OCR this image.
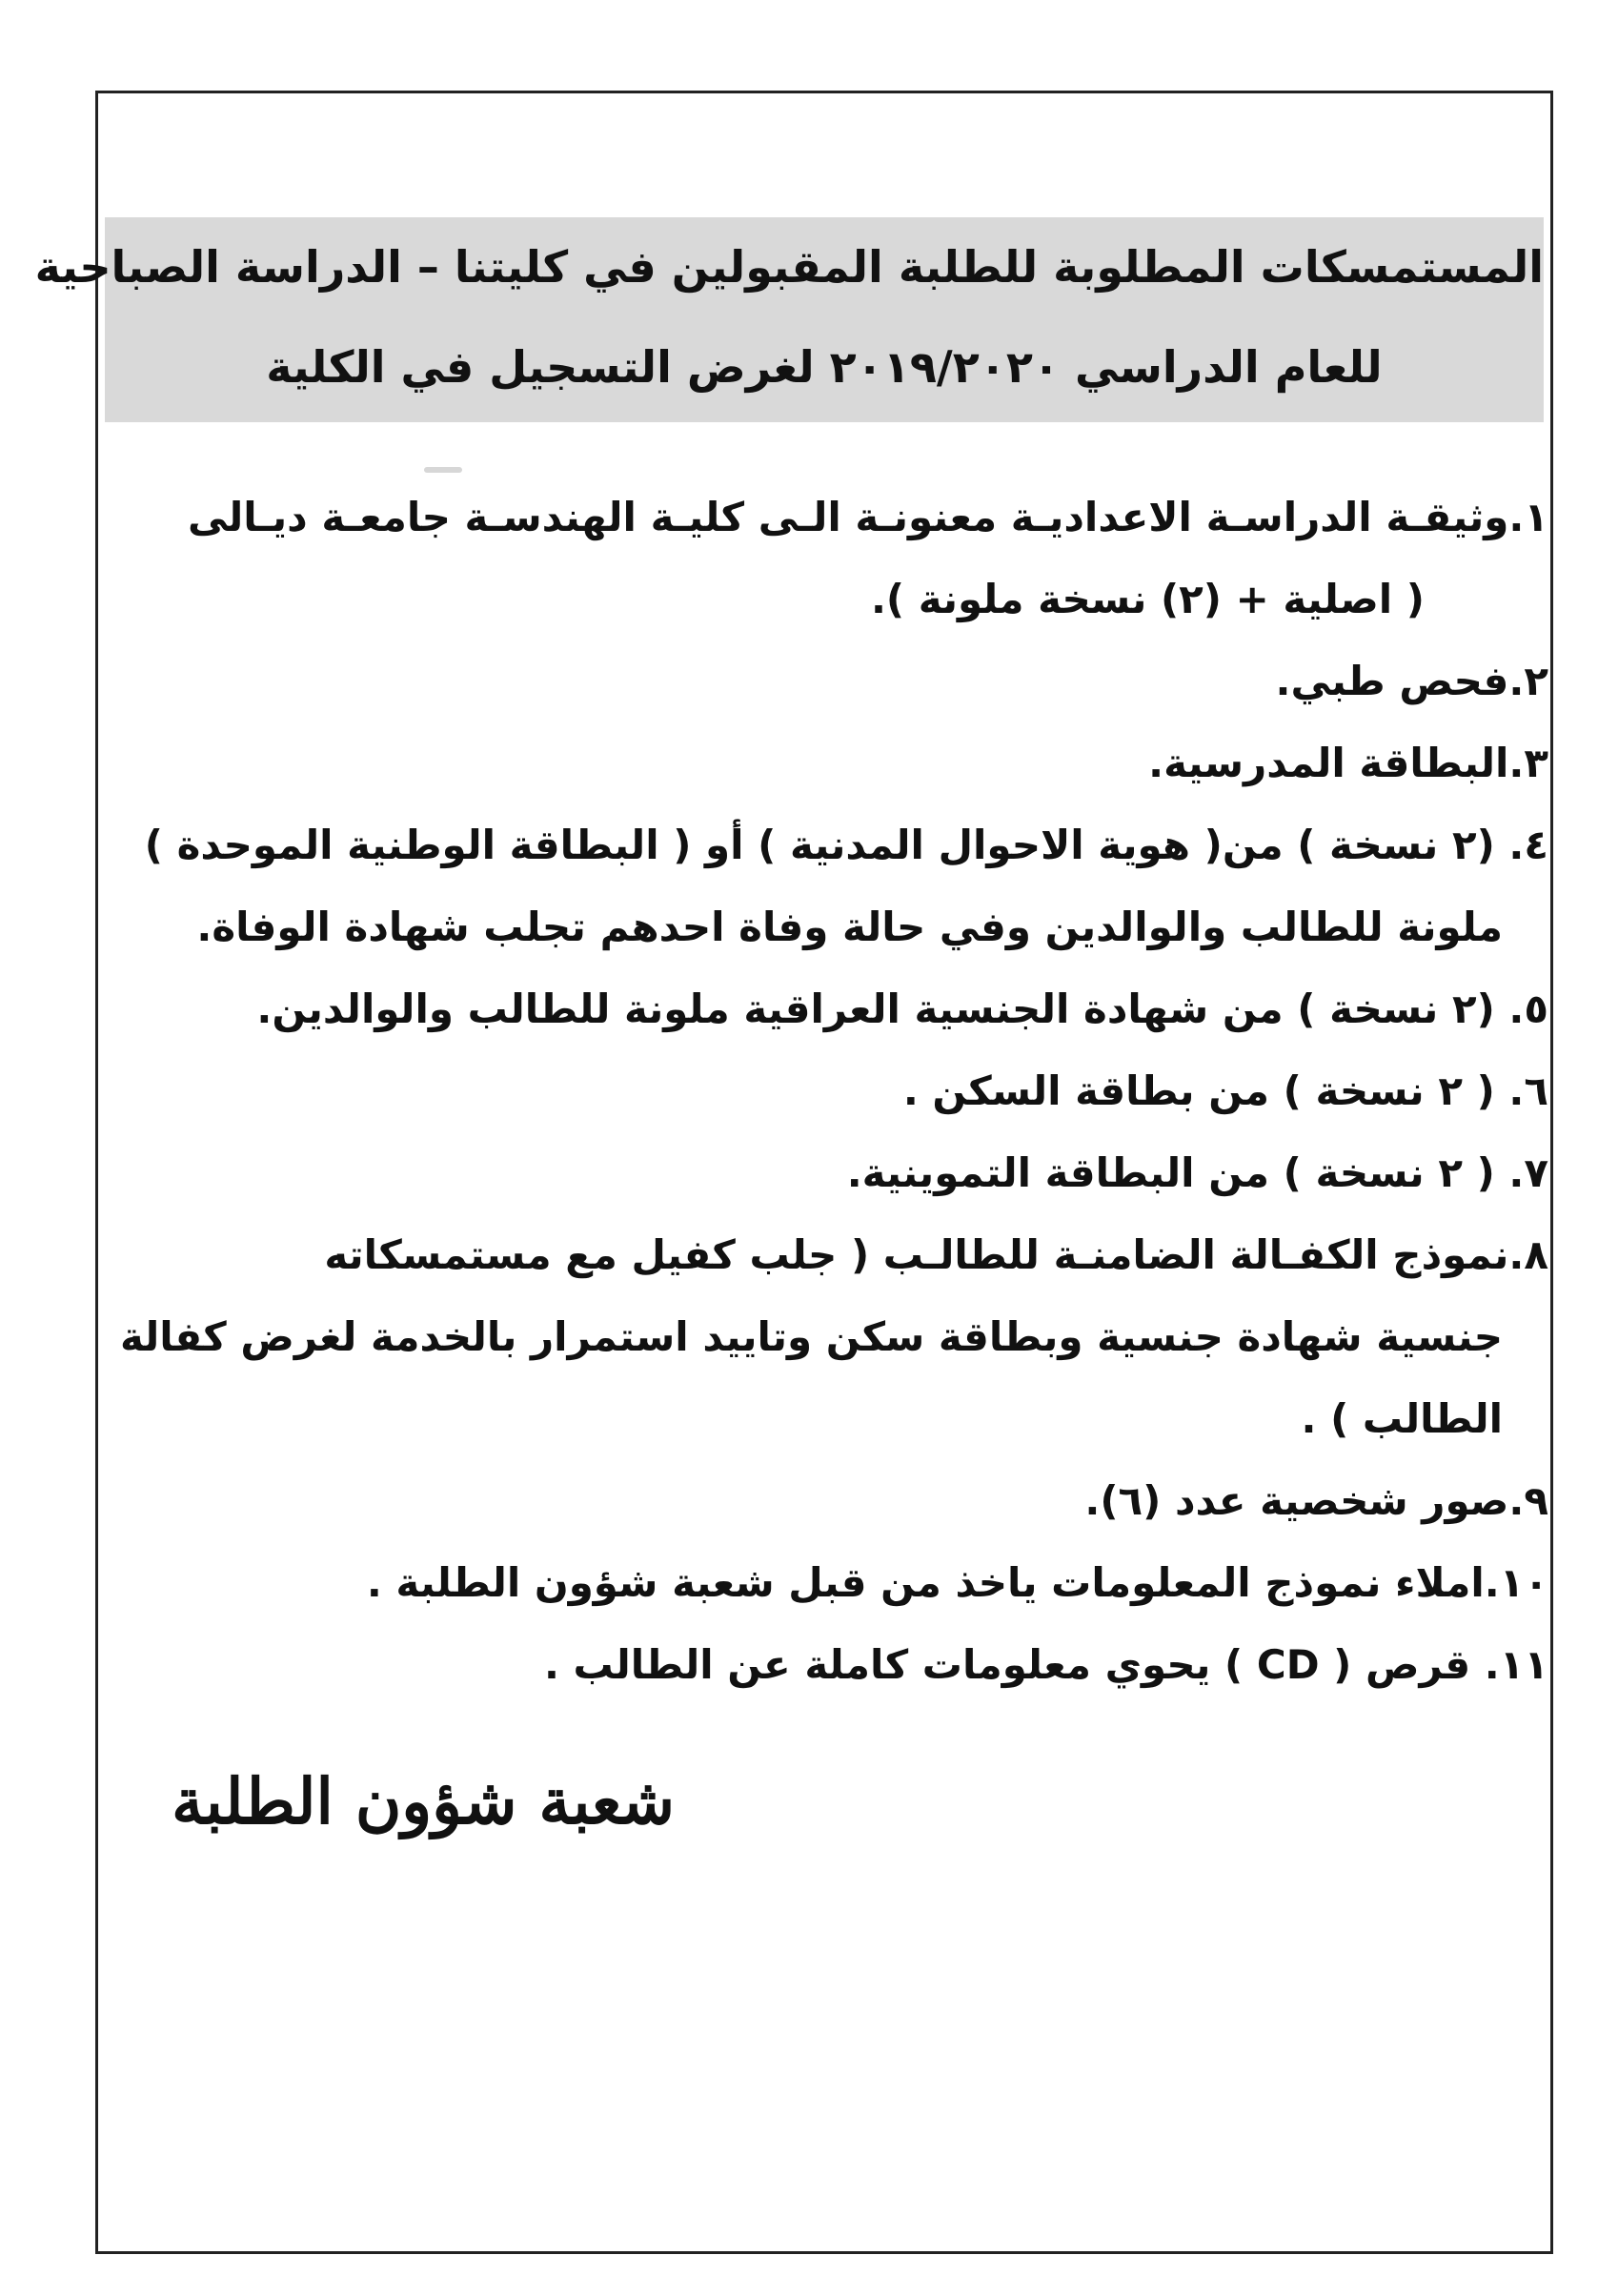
المستمسكات المطلوبة للطلبة المقبولين في كليتنا – الدراسة الصباحية
للعام الدراسي ٢٠١٩/٢٠٢٠ لغرض التسجيل في الكلية
١.وثيقـة الدراسـة الاعداديـة معنونـة الـى كليـة الهندسـة جامعـة ديـالى
( اصلية + (٢) نسخة ملونة ).
٢.فحص طبي.
٣.البطاقة المدرسية.
٤. (٢ نسخة ) من( هوية الاحوال المدنية ) أو ( البطاقة الوطنية الموحدة )
ملونة للطالب والوالدين وفي حالة وفاة احدهم تجلب شهادة الوفاة.
٥. (٢ نسخة ) من شهادة الجنسية العراقية ملونة للطالب والوالدين.
٦. ( ٢ نسخة ) من بطاقة السكن .
٧. ( ٢ نسخة ) من البطاقة التموينية.
٨.نموذج الكفـالة الضامنـة للطالـب ( جلب كفيل مع مستمسكاته
جنسية شهادة جنسية وبطاقة سكن وتاييد استمرار بالخدمة لغرض كفالة
الطالب ) .
٩.صور شخصية عدد (٦).
١٠.املاء نموذج المعلومات ياخذ من قبل شعبة شؤون الطلبة .
١١. قرص ( CD ) يحوي معلومات كاملة عن الطالب .
شعبة شؤون الطلبة
